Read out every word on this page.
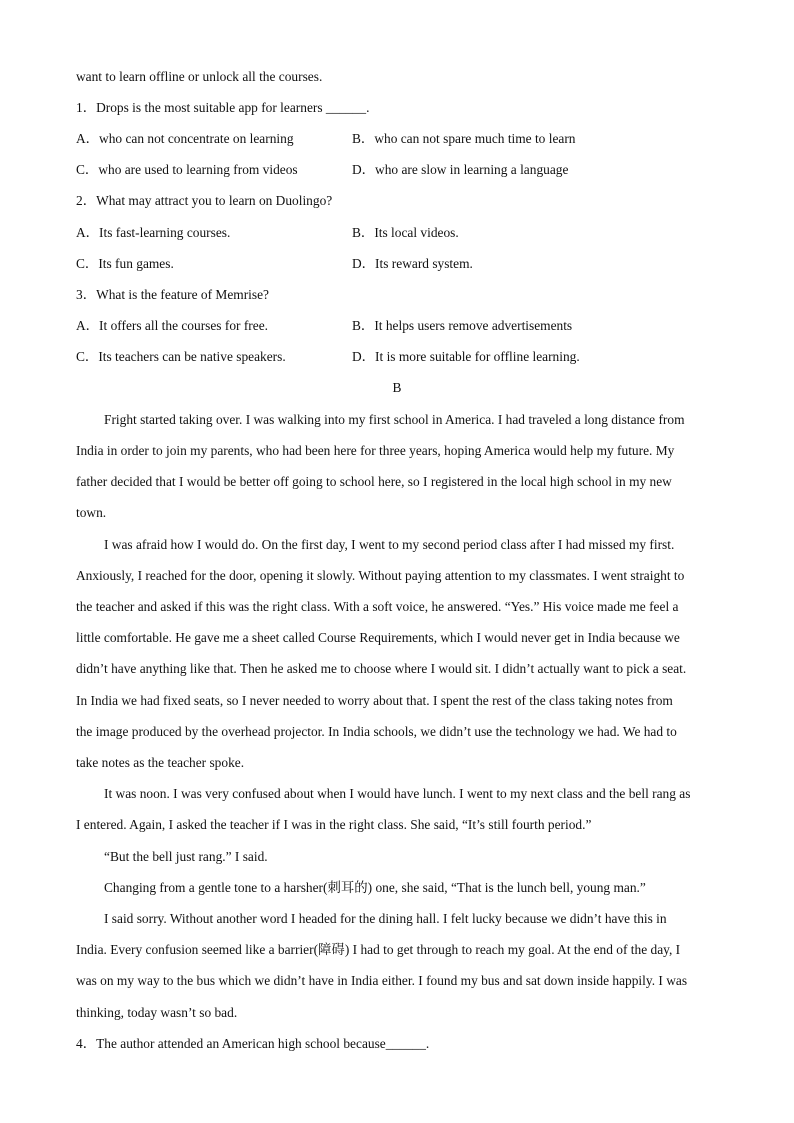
want to learn offline or unlock all the courses.
1．Drops is the most suitable app for learners ______.
A．who can not concentrate on learning	B．who can not spare much time to learn
C．who are used to learning from videos	D．who are slow in learning a language
2．What may attract you to learn on Duolingo?
A．Its fast-learning courses.	B．Its local videos.
C．Its fun games.	D．Its reward system.
3．What is the feature of Memrise?
A．It offers all the courses for free.	B．It helps users remove advertisements
C．Its teachers can be native speakers.	D．It is more suitable for offline learning.
B
Fright started taking over. I was walking into my first school in America. I had traveled a long distance from
India in order to join my parents, who had been here for three years, hoping America would help my future. My
father decided that I would be better off going to school here, so I registered in the local high school in my new
town.
I was afraid how I would do. On the first day, I went to my second period class after I had missed my first.
Anxiously, I reached for the door, opening it slowly. Without paying attention to my classmates. I went straight to
the teacher and asked if this was the right class. With a soft voice, he answered. “Yes.” His voice made me feel a
little comfortable. He gave me a sheet called Course Requirements, which I would never get in India because we
didn’t have anything like that. Then he asked me to choose where I would sit. I didn’t actually want to pick a seat.
In India we had fixed seats, so I never needed to worry about that. I spent the rest of the class taking notes from
the image produced by the overhead projector. In India schools, we didn’t use the technology we had. We had to
take notes as the teacher spoke.
It was noon. I was very confused about when I would have lunch. I went to my next class and the bell rang as
I entered. Again, I asked the teacher if I was in the right class. She said, “It’s still fourth period.”
“But the bell just rang.” I said.
Changing from a gentle tone to a harsher(刺耳的) one, she said, “That is the lunch bell, young man.”
I said sorry. Without another word I headed for the dining hall. I felt lucky because we didn’t have this in
India. Every confusion seemed like a barrier(障碍) I had to get through to reach my goal. At the end of the day, I
was on my way to the bus which we didn’t have in India either. I found my bus and sat down inside happily. I was
thinking, today wasn’t so bad.
4．The author attended an American high school because______.
